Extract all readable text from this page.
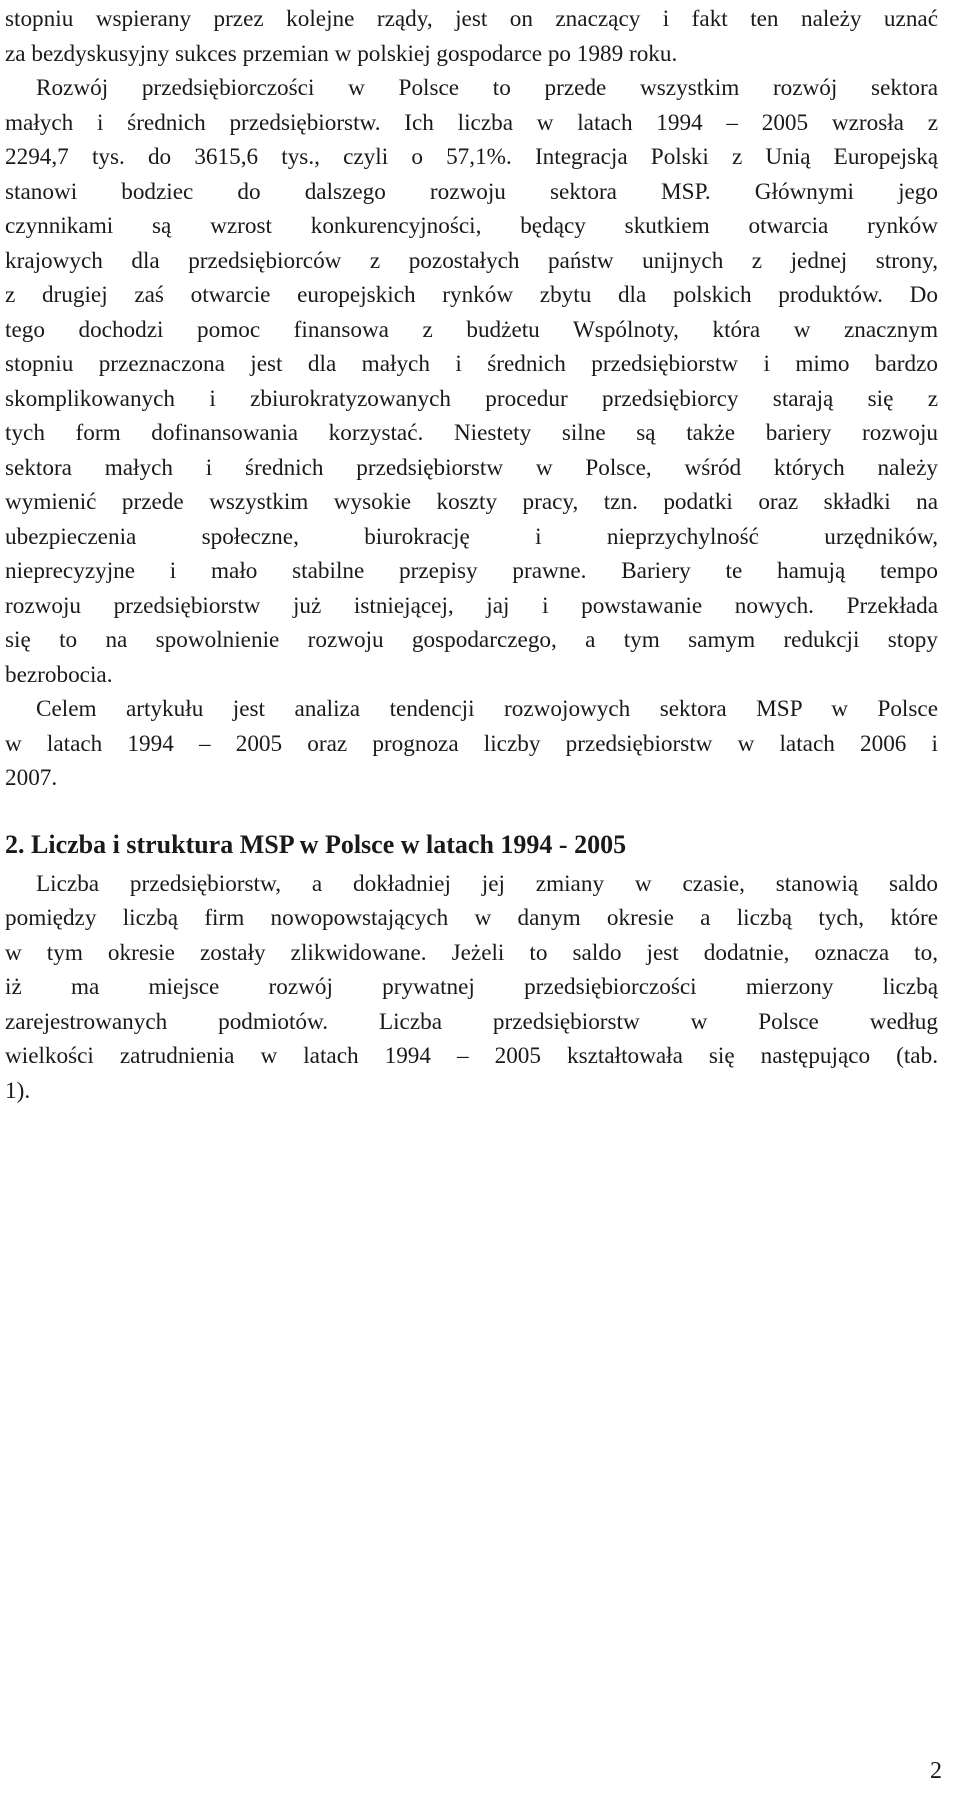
stopniu wspierany przez kolejne rządy, jest on znaczący i fakt ten należy uznać
za bezdyskusyjny sukces przemian w polskiej gospodarce po 1989 roku.
Rozwój przedsiębiorczości w Polsce to przede wszystkim rozwój sektora
małych i średnich przedsiębiorstw. Ich liczba w latach 1994 – 2005 wzrosła z
2294,7 tys. do 3615,6 tys., czyli o 57,1%. Integracja Polski z Unią Europejską
stanowi bodziec do dalszego rozwoju sektora MSP. Głównymi jego
czynnikami są wzrost konkurencyjności, będący skutkiem otwarcia rynków
krajowych dla przedsiębiorców z pozostałych państw unijnych z jednej strony,
z drugiej zaś otwarcie europejskich rynków zbytu dla polskich produktów. Do
tego dochodzi pomoc finansowa z budżetu Wspólnoty, która w znacznym
stopniu przeznaczona jest dla małych i średnich przedsiębiorstw i mimo bardzo
skomplikowanych i zbiurokratyzowanych procedur przedsiębiorcy starają się z
tych form dofinansowania korzystać. Niestety silne są także bariery rozwoju
sektora małych i średnich przedsiębiorstw w Polsce, wśród których należy
wymienić przede wszystkim wysokie koszty pracy, tzn. podatki oraz składki na
ubezpieczenia społeczne, biurokrację i nieprzychylność urzędników,
nieprecyzyjne i mało stabilne przepisy prawne. Bariery te hamują tempo
rozwoju przedsiębiorstw już istniejącej, jaj i powstawanie nowych. Przekłada
się to na spowolnienie rozwoju gospodarczego, a tym samym redukcji stopy
bezrobocia.
Celem artykułu jest analiza tendencji rozwojowych sektora MSP w Polsce
w latach 1994 – 2005 oraz prognoza liczby przedsiębiorstw w latach 2006 i
2007.
2. Liczba i struktura MSP w Polsce w latach 1994 - 2005
Liczba przedsiębiorstw, a dokładniej jej zmiany w czasie, stanowią saldo
pomiędzy liczbą firm nowopowstających w danym okresie a liczbą tych, które
w tym okresie zostały zlikwidowane. Jeżeli to saldo jest dodatnie, oznacza to,
iż ma miejsce rozwój prywatnej przedsiębiorczości mierzony liczbą
zarejestrowanych podmiotów. Liczba przedsiębiorstw w Polsce według
wielkości zatrudnienia w latach 1994 – 2005 kształtowała się następująco (tab.
1).
2
